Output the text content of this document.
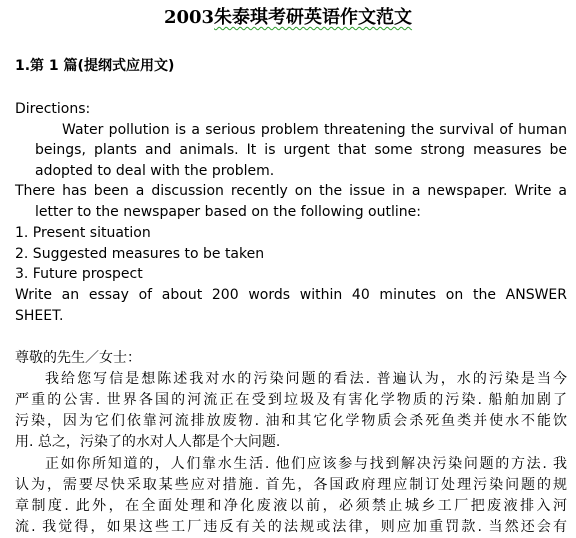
2003朱泰琪考研英语作文范文
1.第 1 篇(提纲式应用文)
Directions:
Water pollution is a serious problem threatening the survival of human
beings, plants and animals. It is urgent that some strong measures be
adopted to deal with the problem.
There has been a discussion recently on the issue in a newspaper. Write a
letter to the newspaper based on the following outline:
1. Present situation
2. Suggested measures to be taken
3. Future prospect
Write an essay of about 200 words within 40 minutes on the ANSWER
SHEET.
尊敬的先生／女士：
我给您写信是想陈述我对水的污染问题的看法. 普遍认为，水的污染是当今
严重的公害. 世界各国的河流正在受到垃圾及有害化学物质的污染. 船舶加剧了
污染，因为它们依靠河流排放废物. 油和其它化学物质会杀死鱼类并使水不能饮
用. 总之，污染了的水对人人都是个大问题.
正如你所知道的，人们靠水生活. 他们应该参与找到解决污染问题的方法. 我
认为，需要尽快采取某些应对措施. 首先，各国政府理应制订处理污染问题的规
章制度. 此外，在全面处理和净化废液以前，必须禁止城乡工厂把废液排入河
流. 我觉得，如果这些工厂违反有关的法规或法律，则应加重罚款. 当然还会有
